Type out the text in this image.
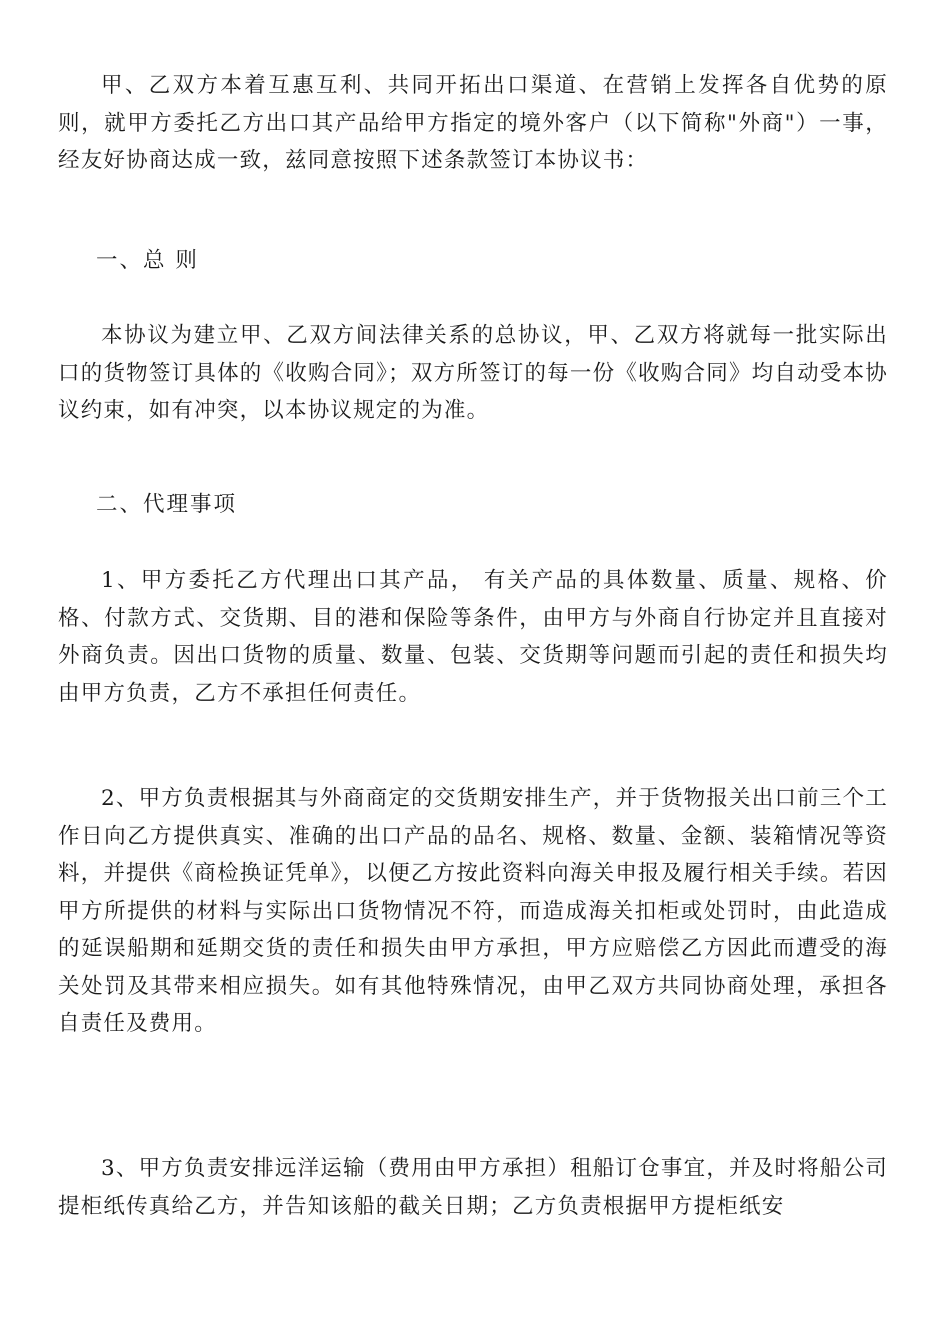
甲、乙双方本着互惠互利、共同开拓出口渠道、在营销上发挥各自优势的原则，就甲方委托乙方出口其产品给甲方指定的境外客户（以下简称"外商"）一事，经友好协商达成一致，兹同意按照下述条款签订本协议书：

一、总 则

本协议为建立甲、乙双方间法律关系的总协议，甲、乙双方将就每一批实际出口的货物签订具体的《收购合同》；双方所签订的每一份《收购合同》均自动受本协议约束，如有冲突，以本协议规定的为准。

二、代理事项

1、甲方委托乙方代理出口其产品， 有关产品的具体数量、质量、规格、价格、付款方式、交货期、目的港和保险等条件，由甲方与外商自行协定并且直接对外商负责。因出口货物的质量、数量、包装、交货期等问题而引起的责任和损失均由甲方负责，乙方不承担任何责任。

2、甲方负责根据其与外商商定的交货期安排生产，并于货物报关出口前三个工作日向乙方提供真实、准确的出口产品的品名、规格、数量、金额、装箱情况等资料，并提供《商检换证凭单》，以便乙方按此资料向海关申报及履行相关手续。若因甲方所提供的材料与实际出口货物情况不符，而造成海关扣柜或处罚时，由此造成的延误船期和延期交货的责任和损失由甲方承担，甲方应赔偿乙方因此而遭受的海关处罚及其带来相应损失。如有其他特殊情况，由甲乙双方共同协商处理，承担各自责任及费用。

3、甲方负责安排远洋运输（费用由甲方承担）租船订仓事宜，并及时将船公司提柜纸传真给乙方，并告知该船的截关日期；乙方负责根据甲方提柜纸安
